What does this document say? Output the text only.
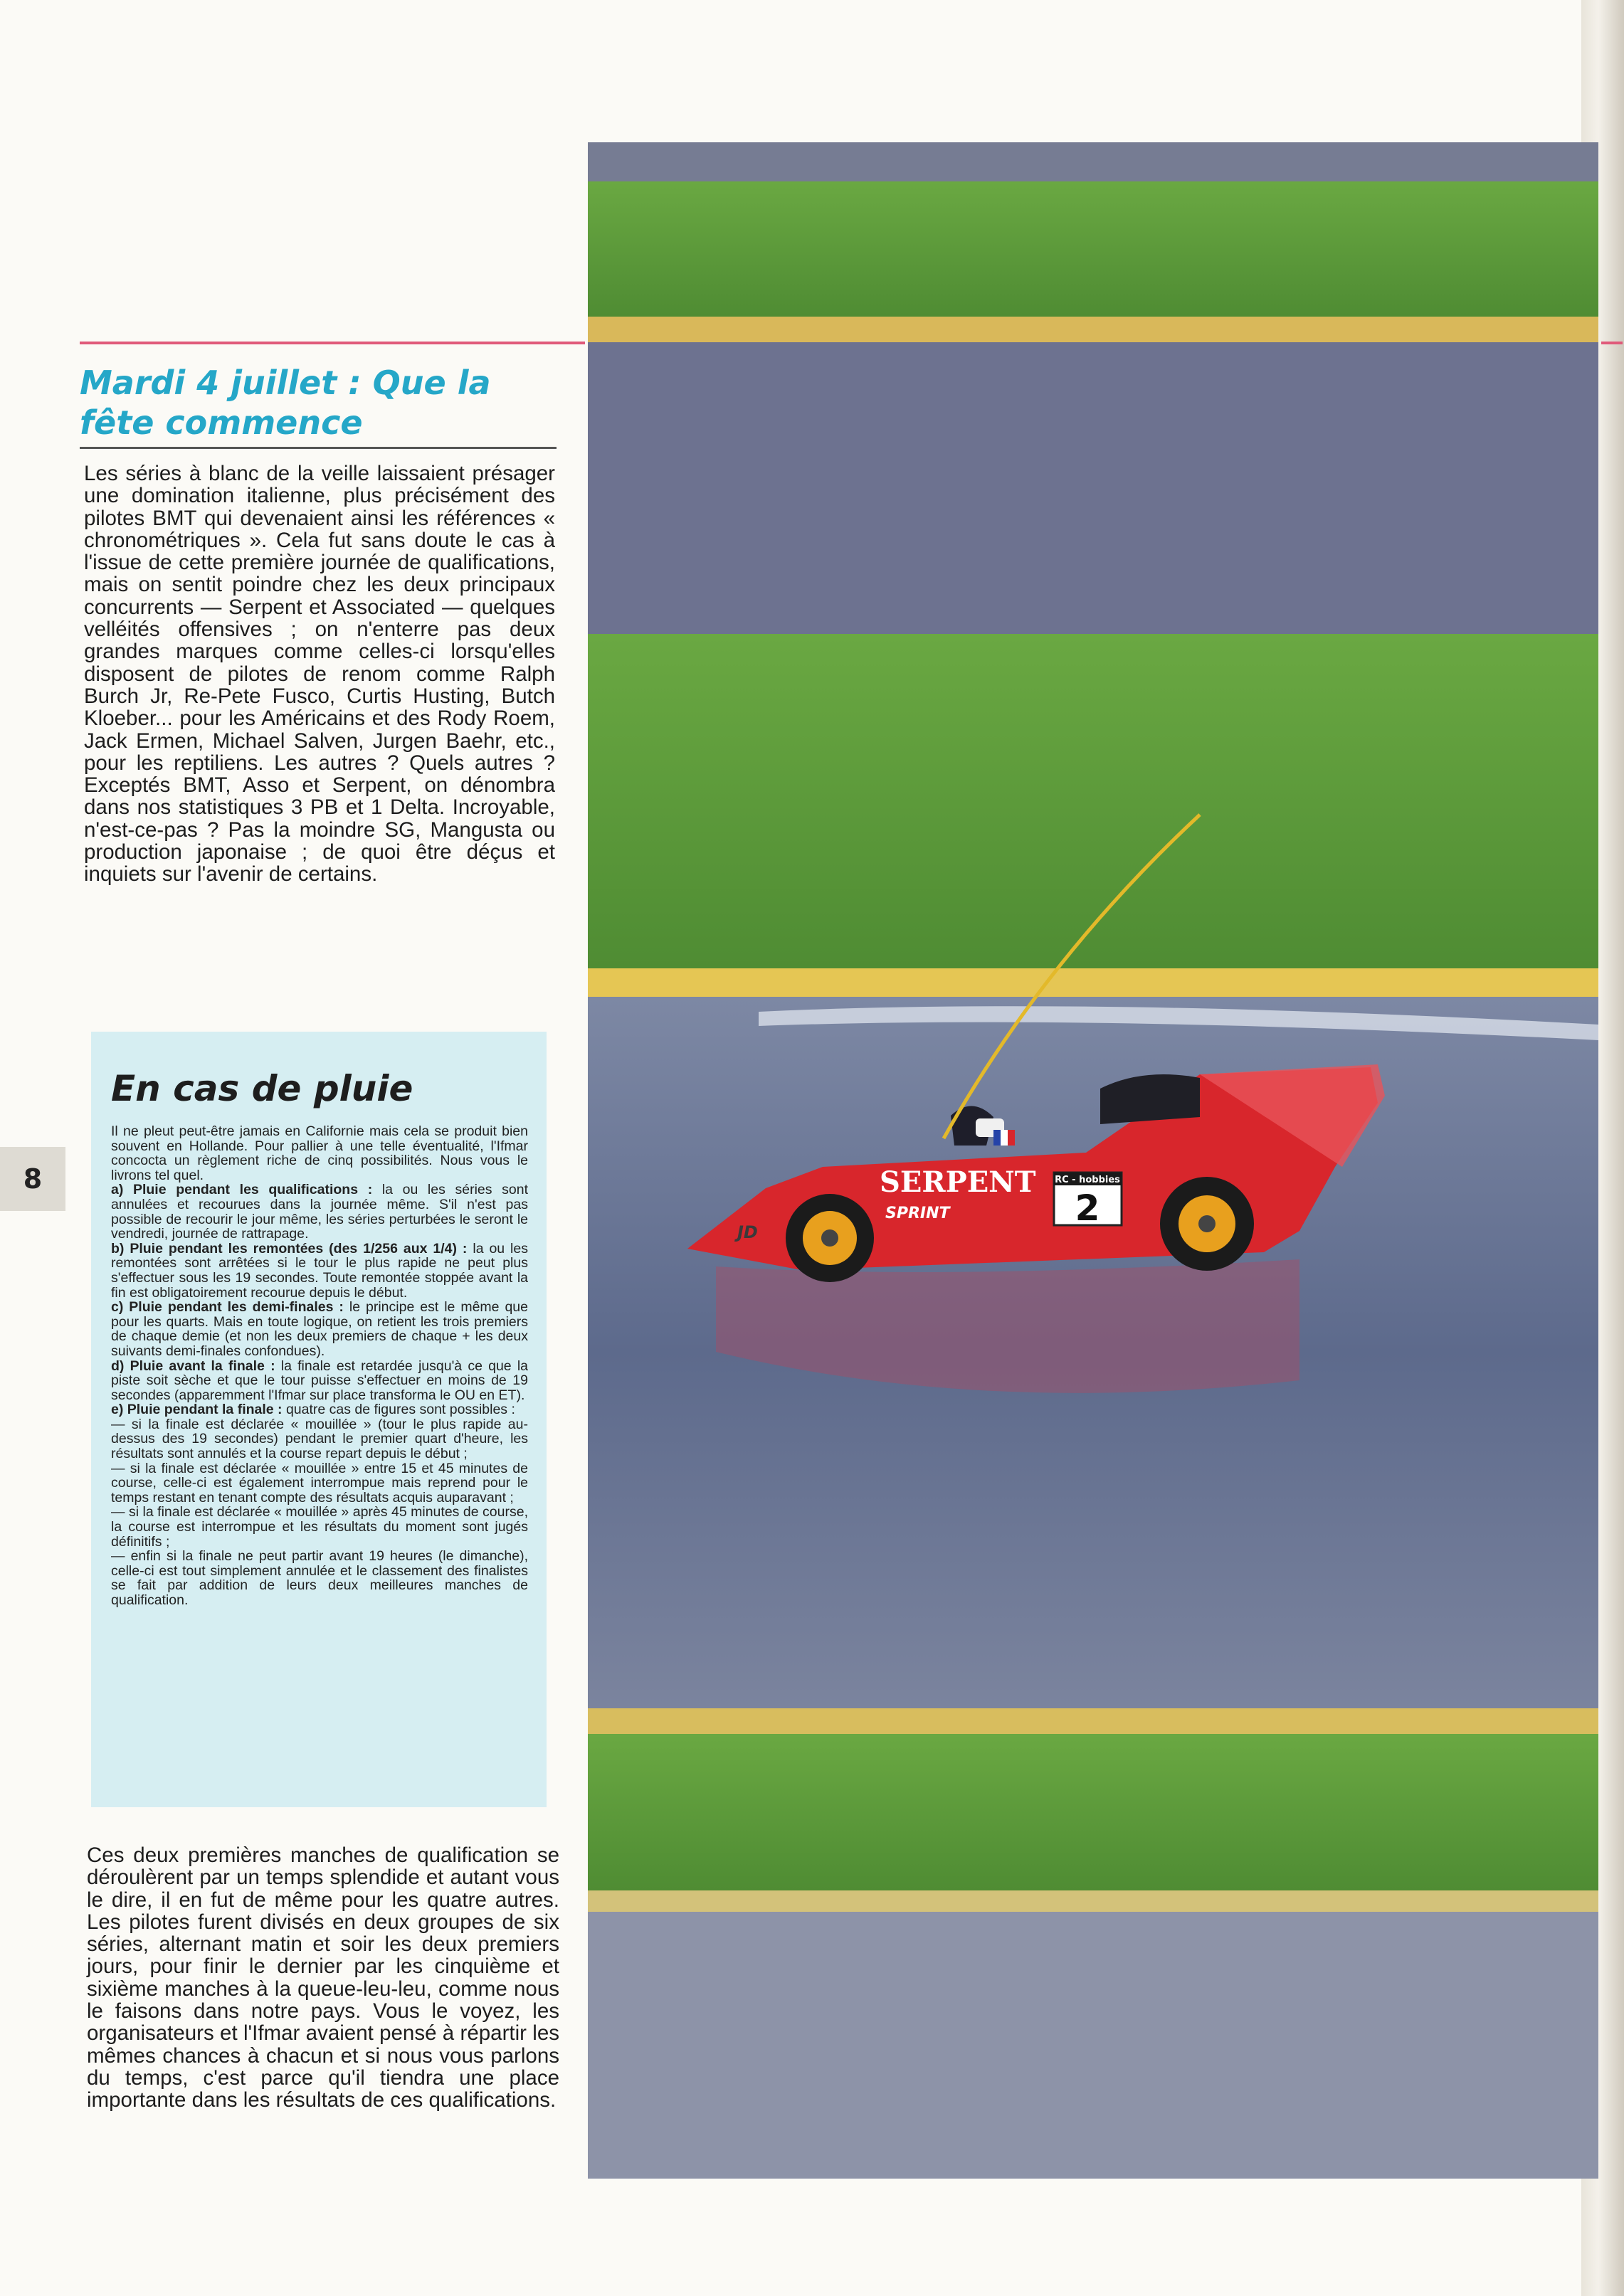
Mardi 4 juillet : Que la fête commence

Les séries à blanc de la veille laissaient présager une domination italienne, plus précisément des pilotes BMT qui devenaient ainsi les références « chronométriques ». Cela fut sans doute le cas à l'issue de cette première journée de qualifications, mais on sentit poindre chez les deux principaux concurrents — Serpent et Associated — quelques velléités offensives ; on n'enterre pas deux grandes marques comme celles-ci lorsqu'elles disposent de pilotes de renom comme Ralph Burch Jr, Re-Pete Fusco, Curtis Husting, Butch Kloeber... pour les Américains et des Rody Roem, Jack Ermen, Michael Salven, Jurgen Baehr, etc., pour les reptiliens. Les autres ? Quels autres ? Exceptés BMT, Asso et Serpent, on dénombra dans nos statistiques 3 PB et 1 Delta. Incroyable, n'est-ce-pas ? Pas la moindre SG, Mangusta ou production japonaise ; de quoi être déçus et inquiets sur l'avenir de certains.

En cas de pluie

Il ne pleut peut-être jamais en Californie mais cela se produit bien souvent en Hollande. Pour pallier à une telle éventualité, l'Ifmar concocta un règlement riche de cinq possibilités. Nous vous le livrons tel quel.

a) Pluie pendant les qualifications : la ou les séries sont annulées et recourues dans la journée même. S'il n'est pas possible de recourir le jour même, les séries perturbées le seront le vendredi, journée de rattrapage.

b) Pluie pendant les remontées (des 1/256 aux 1/4) : la ou les remontées sont arrêtées si le tour le plus rapide ne peut plus s'effectuer sous les 19 secondes. Toute remontée stoppée avant la fin est obligatoirement recourue depuis le début.

c) Pluie pendant les demi-finales : le principe est le même que pour les quarts. Mais en toute logique, on retient les trois premiers de chaque demie (et non les deux premiers de chaque + les deux suivants demi-finales confondues).

d) Pluie avant la finale : la finale est retardée jusqu'à ce que la piste soit sèche et que le tour puisse s'effectuer en moins de 19 secondes (apparemment l'Ifmar sur place transforma le OU en ET).

e) Pluie pendant la finale : quatre cas de figures sont possibles :

— si la finale est déclarée « mouillée » (tour le plus rapide au-dessus des 19 secondes) pendant le premier quart d'heure, les résultats sont annulés et la course repart depuis le début ;

— si la finale est déclarée « mouillée » entre 15 et 45 minutes de course, celle-ci est également interrompue mais reprend pour le temps restant en tenant compte des résultats acquis auparavant ;

— si la finale est déclarée « mouillée » après 45 minutes de course, la course est interrompue et les résultats du moment sont jugés définitifs ;

— enfin si la finale ne peut partir avant 19 heures (le dimanche), celle-ci est tout simplement annulée et le classement des finalistes se fait par addition de leurs deux meilleures manches de qualification.

8

Ces deux premières manches de qualification se déroulèrent par un temps splendide et autant vous le dire, il en fut de même pour les quatre autres. Les pilotes furent divisés en deux groupes de six séries, alternant matin et soir les deux premiers jours, pour finir le dernier par les cinquième et sixième manches à la queue-leu-leu, comme nous le faisons dans notre pays. Vous le voyez, les organisateurs et l'Ifmar avaient pensé à répartir les mêmes chances à chacun et si nous vous parlons du temps, c'est parce qu'il tiendra une place importante dans les résultats de ces qualifications.

SERPENT
SPRINT
RC - hobbies
2
JD
